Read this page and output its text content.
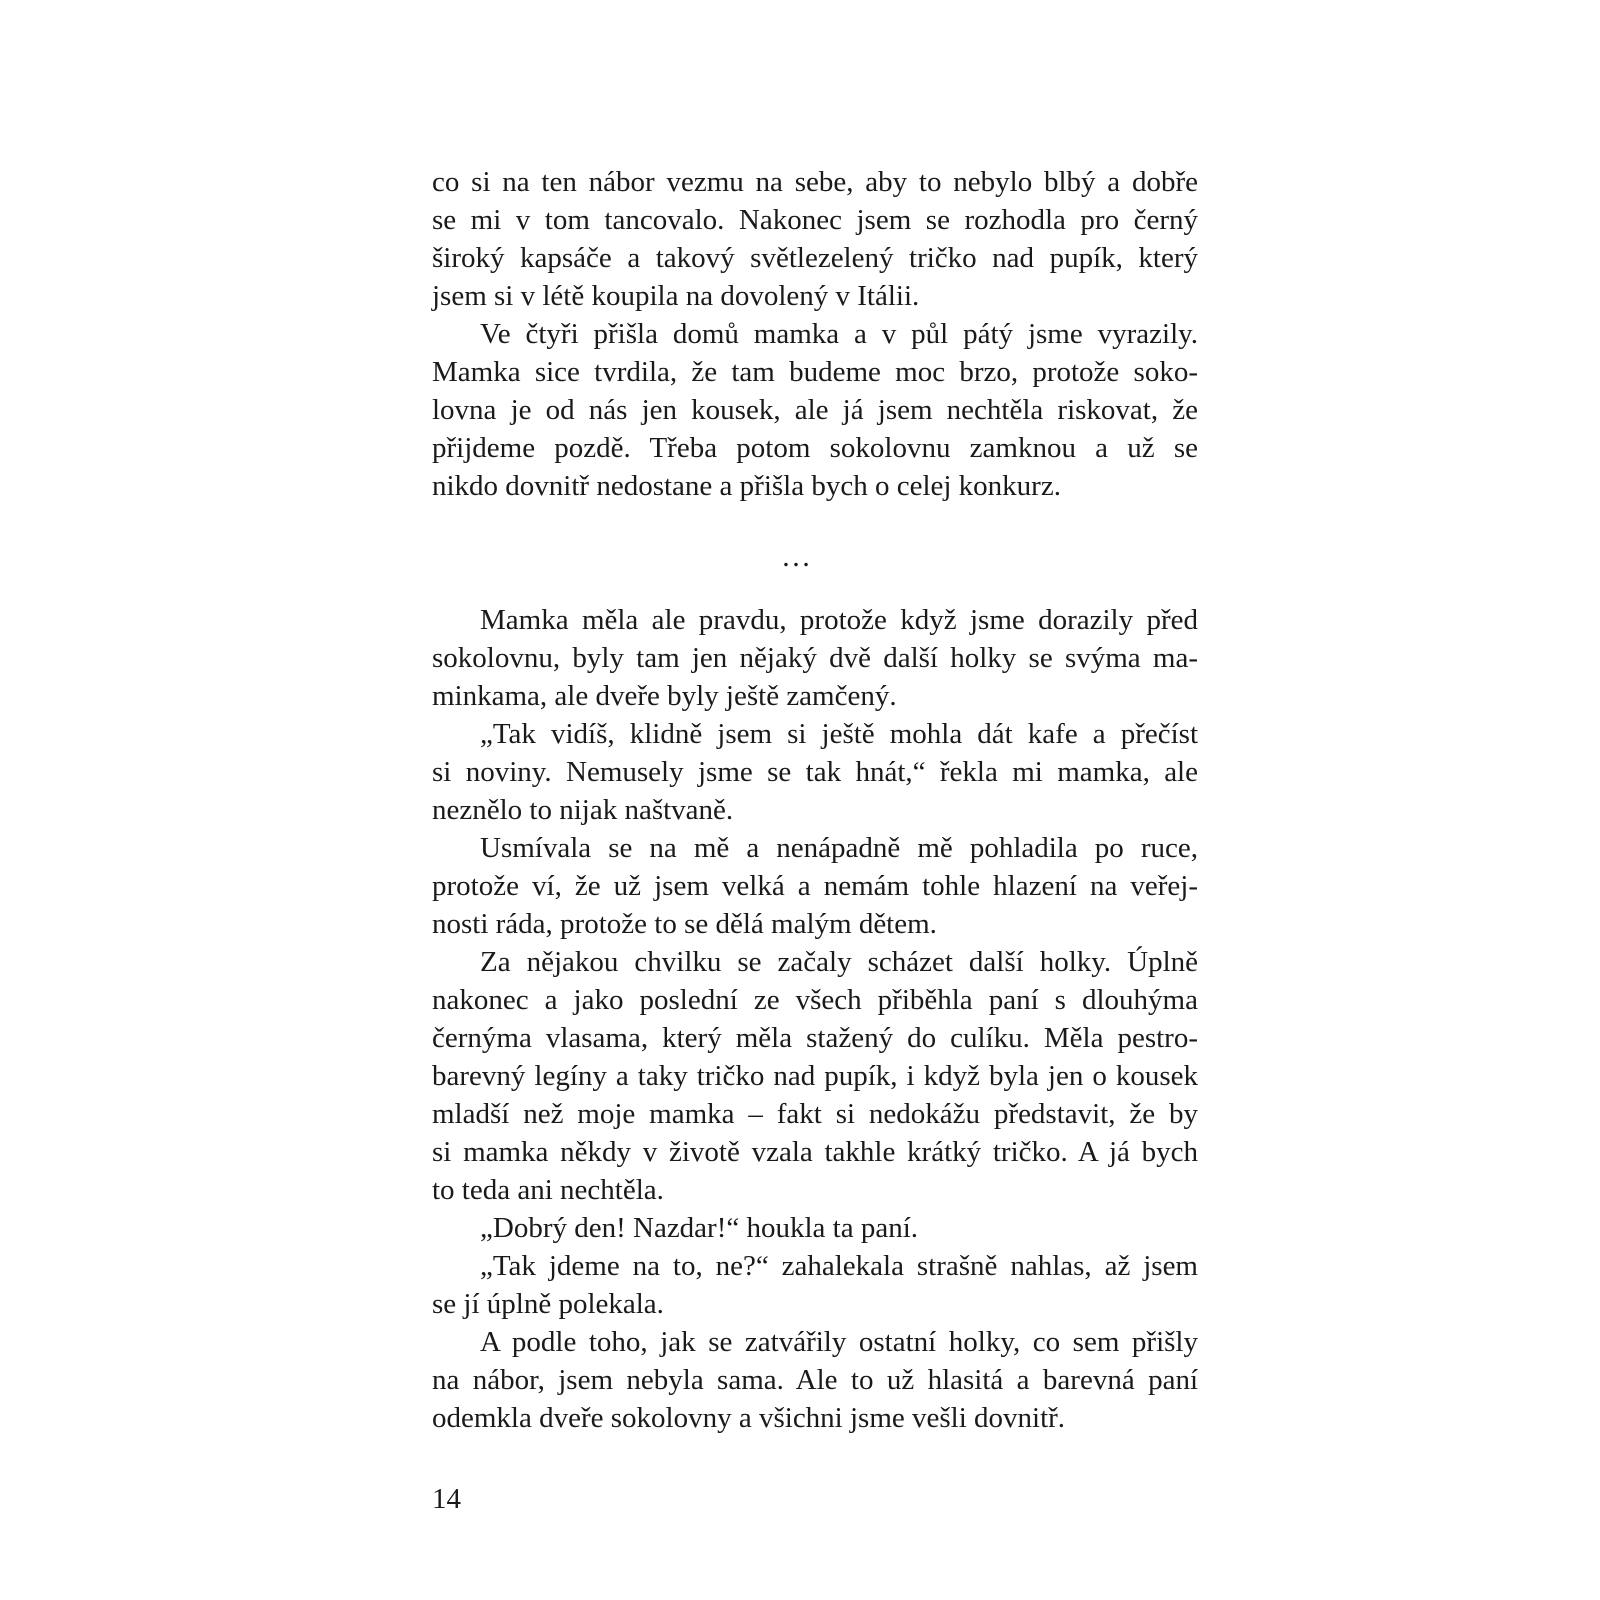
co si na ten nábor vezmu na sebe, aby to nebylo blbý a dobře
se mi v tom tancovalo. Nakonec jsem se rozhodla pro černý
široký kapsáče a takový světlezelený tričko nad pupík, který
jsem si v létě koupila na dovolený v Itálii.
Ve čtyři přišla domů mamka a v půl pátý jsme vyrazily.
Mamka sice tvrdila, že tam budeme moc brzo, protože soko-
lovna je od nás jen kousek, ale já jsem nechtěla riskovat, že
přijdeme pozdě. Třeba potom sokolovnu zamknou a už se
nikdo dovnitř nedostane a přišla bych o celej konkurz.
…
Mamka měla ale pravdu, protože když jsme dorazily před
sokolovnu, byly tam jen nějaký dvě další holky se svýma ma-
minkama, ale dveře byly ještě zamčený.
„Tak vidíš, klidně jsem si ještě mohla dát kafe a přečíst
si noviny. Nemusely jsme se tak hnát,“ řekla mi mamka, ale
neznělo to nijak naštvaně.
Usmívala se na mě a nenápadně mě pohladila po ruce,
protože ví, že už jsem velká a nemám tohle hlazení na veřej-
nosti ráda, protože to se dělá malým dětem.
Za nějakou chvilku se začaly scházet další holky. Úplně
nakonec a jako poslední ze všech přiběhla paní s dlouhýma
černýma vlasama, který měla stažený do culíku. Měla pestro-
barevný legíny a taky tričko nad pupík, i když byla jen o kousek
mladší než moje mamka – fakt si nedokážu představit, že by
si mamka někdy v životě vzala takhle krátký tričko. A já bych
to teda ani nechtěla.
„Dobrý den! Nazdar!“ houkla ta paní.
„Tak jdeme na to, ne?“ zahalekala strašně nahlas, až jsem
se jí úplně polekala.
A podle toho, jak se zatvářily ostatní holky, co sem přišly
na nábor, jsem nebyla sama. Ale to už hlasitá a barevná paní
odemkla dveře sokolovny a všichni jsme vešli dovnitř.
14
